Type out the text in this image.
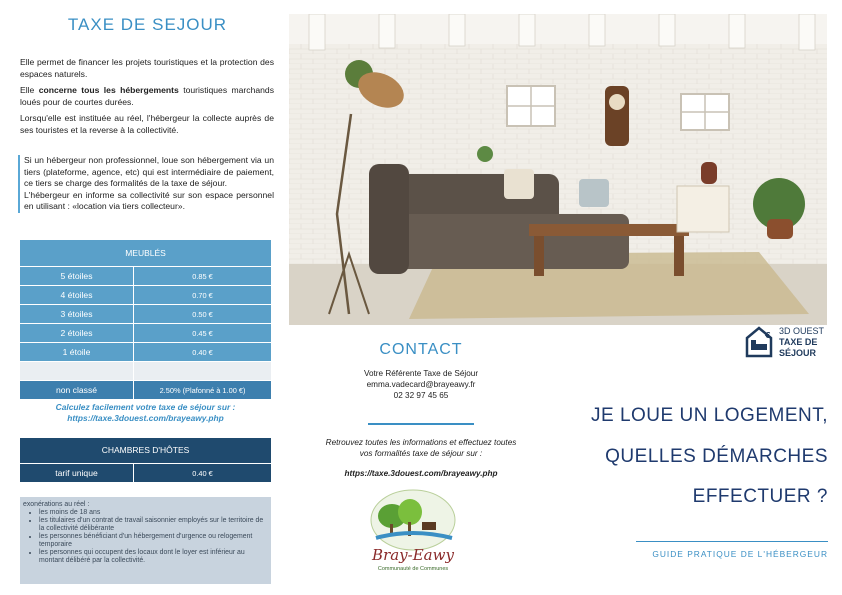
TAXE DE SEJOUR

Elle permet de financer les projets touristiques et la protection des espaces naturels.

Elle concerne tous les hébergements touristiques marchands loués pour de courtes durées.

Lorsqu'elle est instituée au réel, l'hébergeur la collecte auprès de ses touristes et la reverse à la collectivité.

Si un hébergeur non professionnel, loue son hébergement via un tiers (plateforme, agence, etc) qui est intermédiaire de paiement, ce tiers se charge des formalités de la taxe de séjour.

L'hébergeur en informe sa collectivité sur son espace personnel en utilisant : «location via tiers collecteur».

MEUBLÉS
5 étoiles	0.85 €
4 étoiles	0.70 €
3 étoiles	0.50 €
2 étoiles	0.45 €
1 étoile	0.40 €
non classé	2.50% (Plafonné à 1.00 €)
Calculez facilement votre taxe de séjour sur :
https://taxe.3douest.com/brayeawy.php
CHAMBRES D'HÔTES
tarif unique	0.40 €
exonérations au réel :
• les moins de 18 ans
• les titulaires d'un contrat de travail saisonnier employés sur le territoire de la collectivité délibérante
• les personnes bénéficiant d'un hébergement d'urgence ou relogement temporaire
• les personnes qui occupent des locaux dont le loyer est inférieur au montant délibéré par la collectivité.
CONTACT
Votre Référente Taxe de Séjour
emma.vadecard@brayeawy.fr
02 32 97 45 65
Retrouvez toutes les informations et effectuez toutes
vos formalités taxe de séjour sur :
https://taxe.3douest.com/brayeawy.php
Bray-Eawy
Communauté de Communes
€ 3D OUEST
TAXE DE
SÉJOUR
JE LOUE UN LOGEMENT,
QUELLES DÉMARCHES
EFFECTUER ?
GUIDE PRATIQUE DE L'HÉBERGEUR
